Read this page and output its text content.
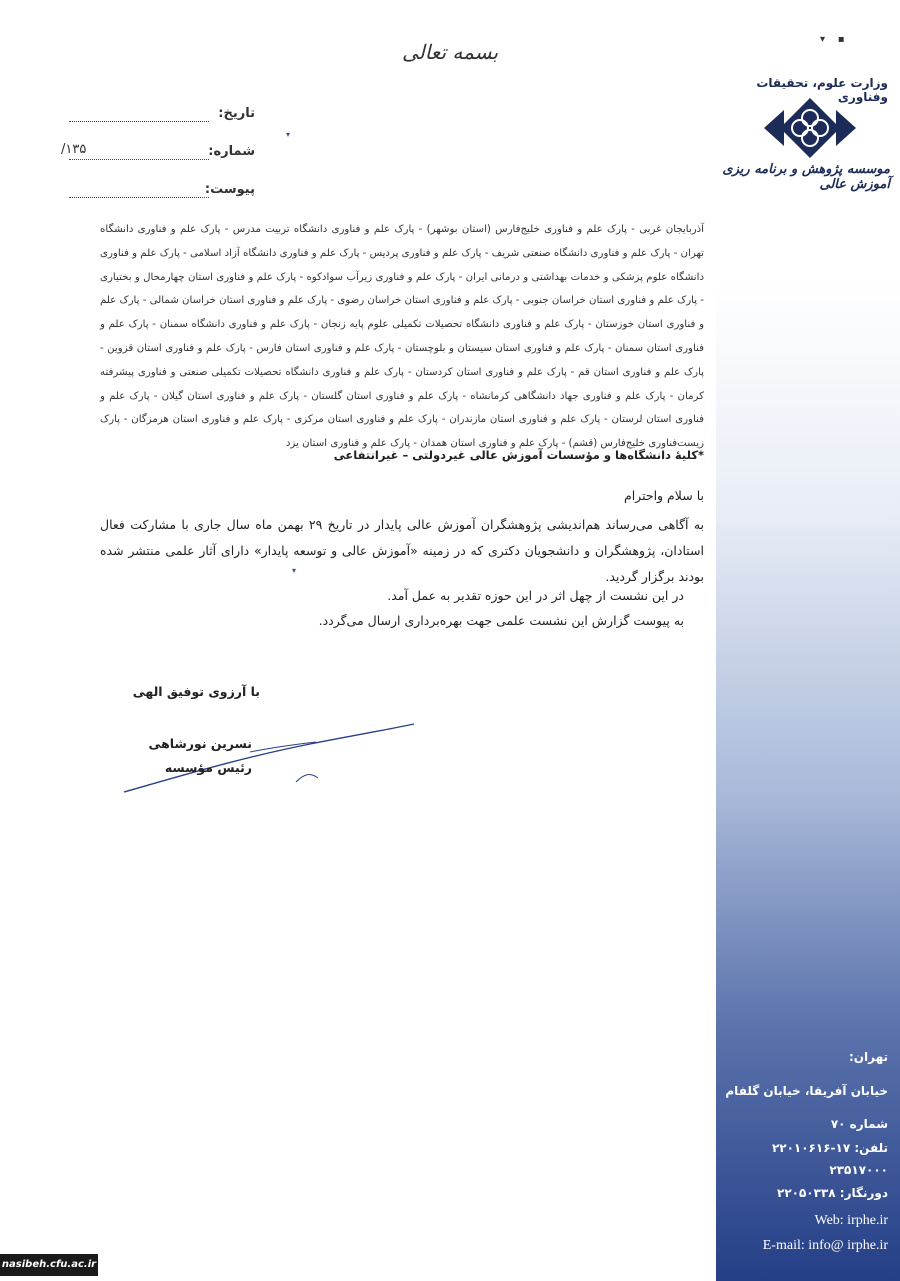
▾    ▪
وزارت علوم، تحقیقات وفناوری
موسسه پژوهش و برنامه ریزی آموزش عالی
تهران:
خیابان آفریقا، خیابان گلفام
شماره ۷۰
تلفن: ۱۷-۲۲۰۱۰۶۱۶
۲۳۵۱۷۰۰۰
دورنگار: ۲۲۰۵۰۳۳۸
Web: irphe.ir
E-mail: info@ irphe.ir
nasibeh.cfu.ac.ir
بسمه تعالی
تاریخ:
شماره:
۱۳۵/
پیوست:
▾
آذربایجان غربی - پارک علم و فناوری خلیج‌فارس (استان بوشهر) - پارک علم و فناوری دانشگاه تربیت مدرس - پارک علم و فناوری دانشگاه تهران - پارک علم و فناوری دانشگاه صنعتی شریف - پارک علم و فناوری پردیس - پارک علم و فناوری دانشگاه آزاد اسلامی - پارک علم و فناوری دانشگاه علوم پزشکی و خدمات بهداشتی و درمانی ایران - پارک علم و فناوری زیرآب سوادکوه - پارک علم و فناوری استان چهارمحال و بختیاری - پارک علم و فناوری استان خراسان جنوبی - پارک علم و فناوری استان خراسان رضوی - پارک علم و فناوری استان خراسان شمالی - پارک علم و فناوری استان خوزستان - پارک علم و فناوری دانشگاه تحصیلات تکمیلی علوم پایه زنجان - پارک علم و فناوری دانشگاه سمنان - پارک علم و فناوری استان سمنان - پارک علم و فناوری استان سیستان و بلوچستان - پارک علم و فناوری استان فارس - پارک علم و فناوری استان قزوین - پارک علم و فناوری استان قم - پارک علم و فناوری استان کردستان - پارک علم و فناوری دانشگاه تحصیلات تکمیلی صنعتی و فناوری پیشرفته کرمان - پارک علم و فناوری جهاد دانشگاهی کرمانشاه - پارک علم و فناوری استان گلستان - پارک علم و فناوری استان گیلان - پارک علم و فناوری استان لرستان - پارک علم و فناوری استان مازندران - پارک علم و فناوری استان مرکزی - پارک علم و فناوری استان هرمزگان - پارک زیست‌فناوری خلیج‌فارس (قشم) - پارک علم و فناوری استان همدان - پارک علم و فناوری استان یزد
*کلیهٔ دانشگاه‌ها و مؤسسات آموزش عالی غیردولتی – غیرانتفاعی
با سلام واحترام
به آگاهی می‌رساند هم‌اندیشی پژوهشگران آموزش عالی پایدار در تاریخ ۲۹ بهمن ماه سال جاری با مشارکت فعال استادان، پژوهشگران و دانشجویان دکتری که در زمینه «آموزش عالی و توسعه پایدار» دارای آثار علمی منتشر شده بودند برگزار گردید.
▾
در این نشست از چهل اثر در این حوزه تقدیر به عمل آمد.
به پیوست گزارش این نشست علمی جهت بهره‌برداری ارسال می‌گردد.
با آرزوی توفیق الهی
نسرین نورشاهی
رئیس مؤسسه
